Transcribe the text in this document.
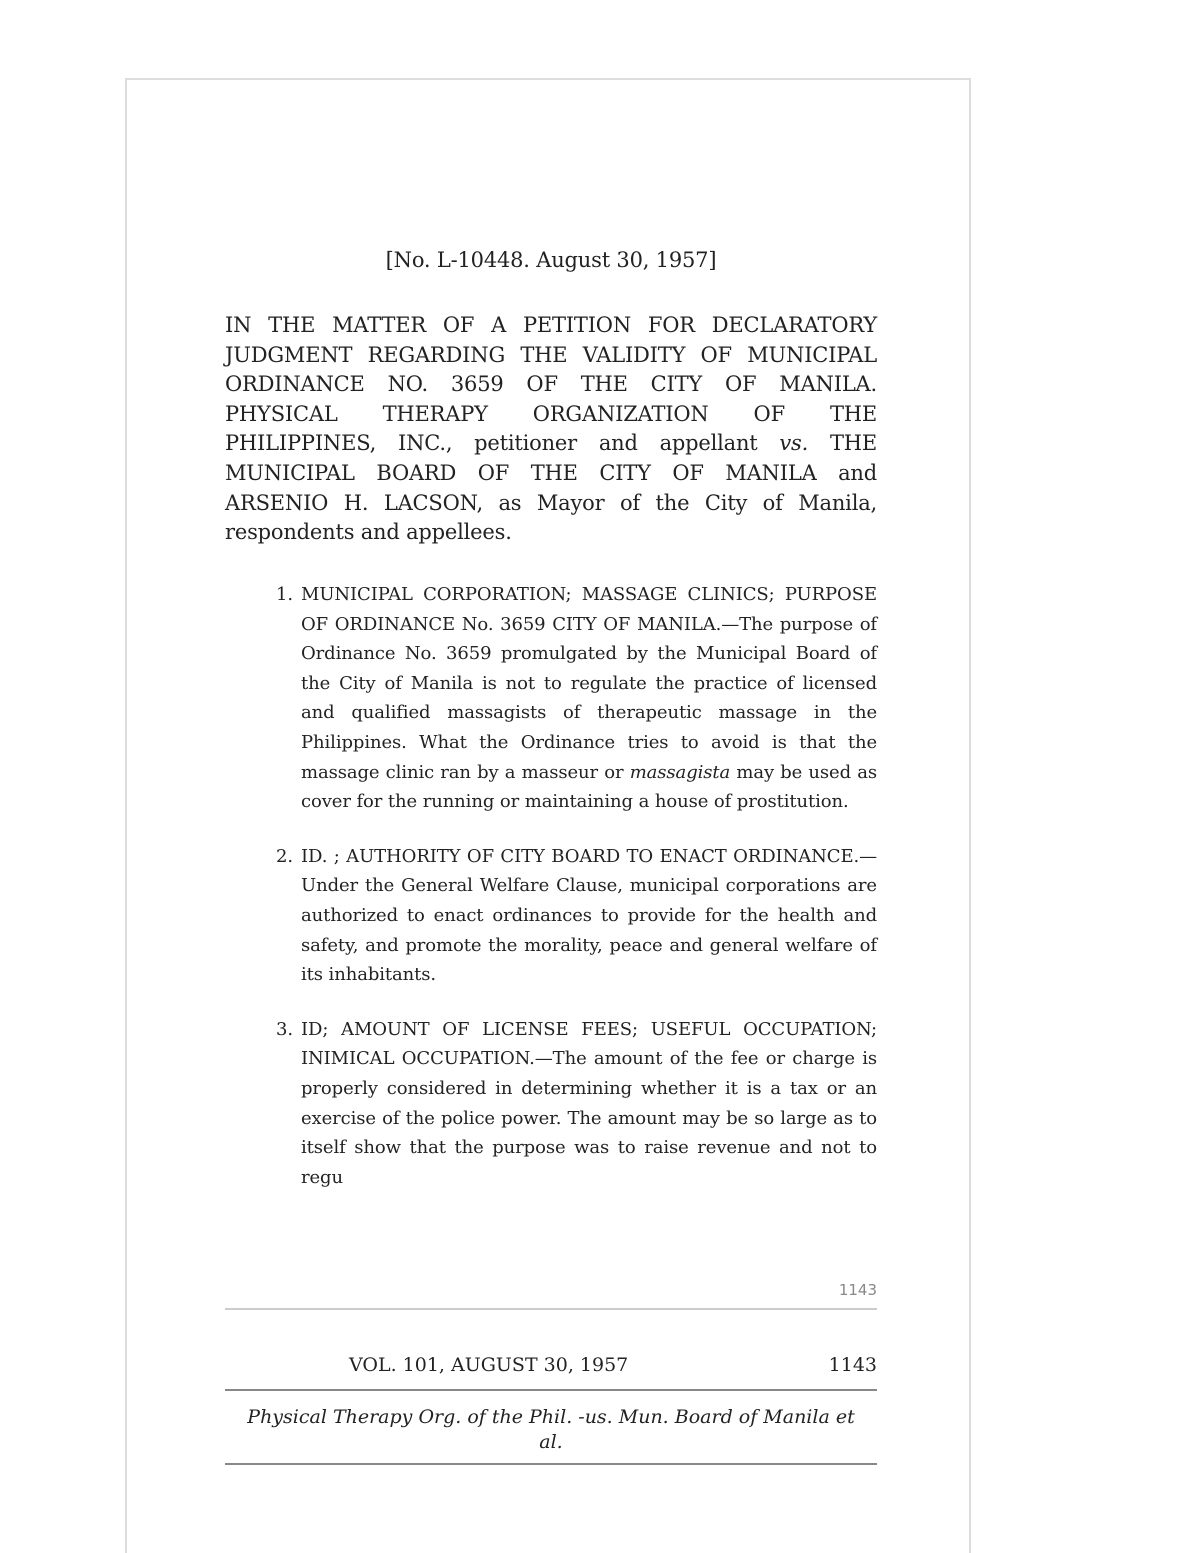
[No. L-10448. August 30, 1957]
IN THE MATTER OF A PETITION FOR DECLARATORY JUDGMENT REGARDING THE VALIDITY OF MUNICIPAL ORDINANCE NO. 3659 OF THE CITY OF MANILA. PHYSICAL THERAPY ORGANIZATION OF THE PHILIPPINES, INC., petitioner and appellant vs. THE MUNICIPAL BOARD OF THE CITY OF MANILA and ARSENIO H. LACSON, as Mayor of the City of Manila, respondents and appellees.
1. MUNICIPAL CORPORATION; MASSAGE CLINICS; PURPOSE OF ORDINANCE No. 3659 CITY OF MANILA.—The purpose of Ordinance No. 3659 promulgated by the Municipal Board of the City of Manila is not to regulate the practice of licensed and qualified massagists of therapeutic massage in the Philippines. What the Ordinance tries to avoid is that the massage clinic ran by a masseur or massagista may be used as cover for the running or maintaining a house of prostitution.
2. ID. ; AUTHORITY OF CITY BOARD TO ENACT ORDINANCE.—Under the General Welfare Clause, municipal corporations are authorized to enact ordinances to provide for the health and safety, and promote the morality, peace and general welfare of its inhabitants.
3. ID; AMOUNT OF LICENSE FEES; USEFUL OCCUPATION; INIMICAL OCCUPATION.—The amount of the fee or charge is properly considered in determining whether it is a tax or an exercise of the police power. The amount may be so large as to itself show that the purpose was to raise revenue and not to regu
1143
VOL. 101, AUGUST 30, 1957	1143
Physical Therapy Org. of the Phil. -us. Mun. Board of Manila et al.
